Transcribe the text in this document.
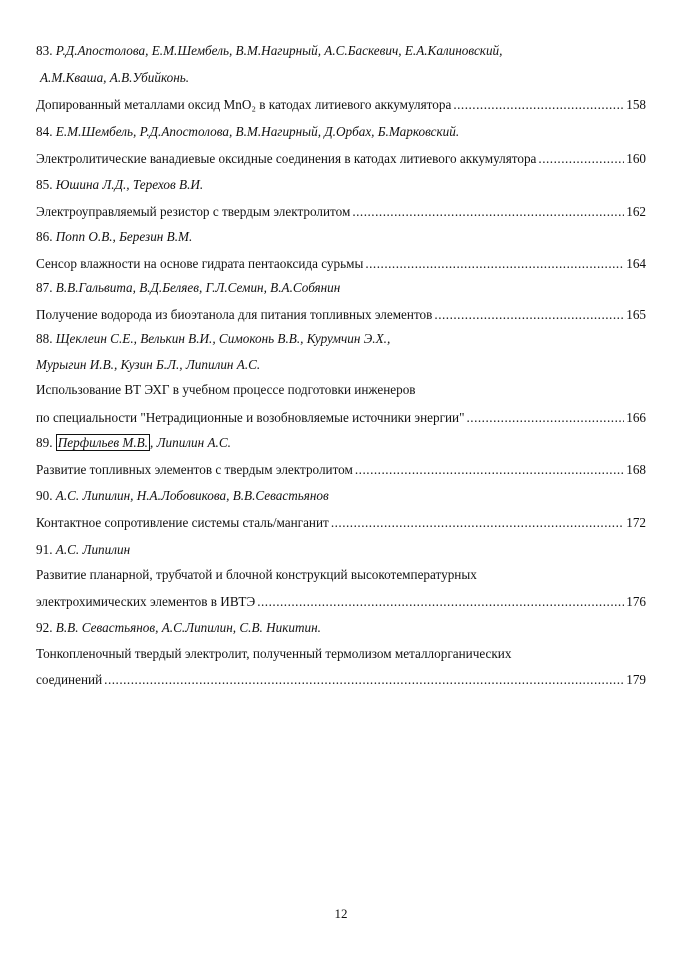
83. Р.Д.Апостолова, Е.М.Шембель, В.М.Нагирный, А.С.Баскевич, Е.А.Калиновский,
А.М.Кваша, А.В.Убийконь.
Допированный металлами оксид MnO₂ в катодах литиевого аккумулятора .....	158
84. Е.М.Шембель, Р.Д.Апостолова, В.М.Нагирный, Д.Орбах, Б.Марковский.
Электролитические ванадиевые оксидные соединения в катодах литиевого аккумулятора .....	160
85. Юшина Л.Д., Терехов В.И.
Электроуправляемый резистор с твердым электролитом .....	162
86. Попп О.В., Березин В.М.
Сенсор влажности на основе гидрата пентаоксида сурьмы .....	164
87. В.В.Гальвита, В.Д.Беляев, Г.Л.Семин, В.А.Собянин
Получение водорода из биоэтанола для питания топливных элементов .....	165
88. Щеклеин С.Е., Велькин В.И., Симоконь В.В., Курумчин Э.Х.,
Мурыгин И.В., Кузин Б.Л., Липилин А.С.
Использование ВТ ЭХГ в учебном процессе подготовки инженеров
по специальности "Нетрадиционные и возобновляемые источники энергии" .....	166
89. Перфильев М.В. , Липилин А.С.
Развитие топливных элементов с твердым электролитом .....	168
90. А.С. Липилин, Н.А.Лобовикова, В.В.Севастьянов
Контактное сопротивление системы сталь/манганит .....	172
91. А.С. Липилин
Развитие планарной, трубчатой и блочной конструкций высокотемпературных
электрохимических элементов в ИВТЭ .....	176
92. В.В. Севастьянов, А.С.Липилин, С.В. Никитин.
Тонкопленочный твердый электролит, полученный термолизом металлорганических
соединений .....	179
12
